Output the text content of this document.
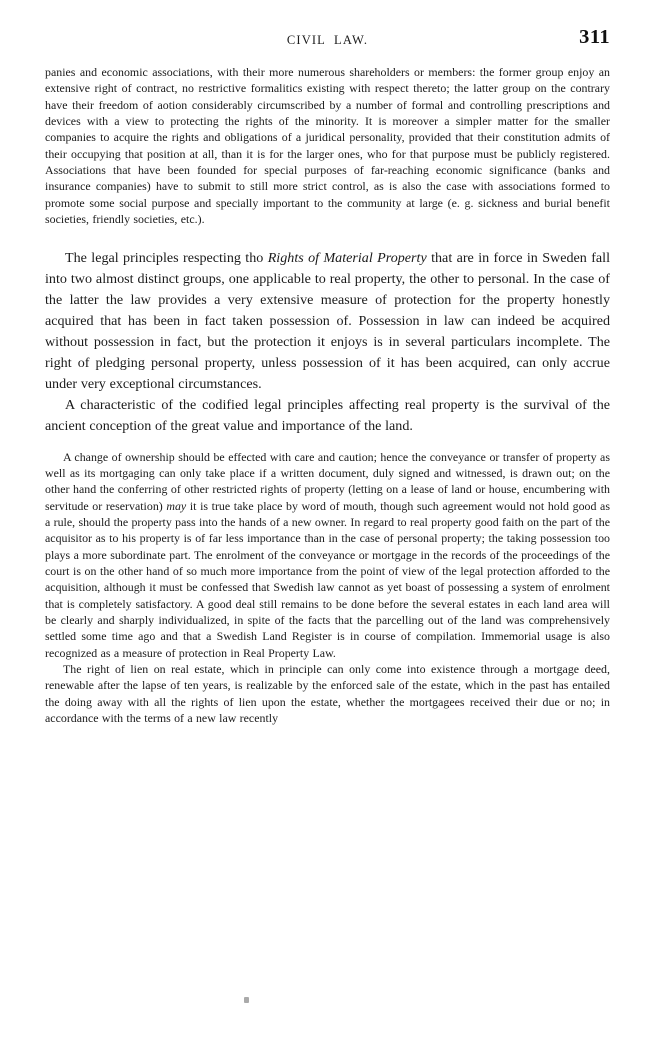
CIVIL  LAW.	311

panies and economic associations, with their more numerous shareholders or members: the former group enjoy an extensive right of contract, no restrictive formalitics existing with respect thereto; the latter group on the contrary have their freedom of aotion considerably circumscribed by a number of formal and controlling prescriptions and devices with a view to protecting the rights of the minority. It is moreover a simpler matter for the smaller companies to acquire the rights and obligations of a juridical personality, provided that their constitution admits of their occupying that position at all, than it is for the larger ones, who for that purpose must be publicly registered. Associations that have been founded for special purposes of far-reaching economic significance (banks and insurance companies) have to submit to still more strict control, as is also the case with associations formed to promote some social purpose and specially important to the community at large (e. g. sickness and burial benefit societies, friendly societies, etc.).

The legal principles respecting tho Rights of Material Property that are in force in Sweden fall into two almost distinct groups, one applicable to real property, the other to personal. In the case of the latter the law provides a very extensive measure of protection for the property honestly acquired that has been in fact taken possession of. Possession in law can indeed be acquired without possession in fact, but the protection it enjoys is in several particulars incomplete. The right of pledging personal property, unless possession of it has been acquired, can only accrue under very exceptional circumstances.

A characteristic of the codified legal principles affecting real property is the survival of the ancient conception of the great value and importance of the land.

A change of ownership should be effected with care and caution; hence the conveyance or transfer of property as well as its mortgaging can only take place if a written document, duly signed and witnessed, is drawn out; on the other hand the conferring of other restricted rights of property (letting on a lease of land or house, encumbering with servitude or reservation) may it is true take place by word of mouth, though such agreement would not hold good as a rule, should the property pass into the hands of a new owner. In regard to real property good faith on the part of the acquisitor as to his property is of far less importance than in the case of personal property; the taking possession too plays a more subordinate part. The enrolment of the conveyance or mortgage in the records of the proceedings of the court is on the other hand of so much more importance from the point of view of the legal protection afforded to the acquisition, although it must be confessed that Swedish law cannot as yet boast of possessing a system of enrolment that is completely satisfactory. A good deal still remains to be done before the several estates in each land area will be clearly and sharply individualized, in spite of the facts that the parcelling out of the land was comprehensively settled some time ago and that a Swedish Land Register is in course of compilation. Immemorial usage is also recognized as a measure of protection in Real Property Law.

The right of lien on real estate, which in principle can only come into existence through a mortgage deed, renewable after the lapse of ten years, is realizable by the enforced sale of the estate, which in the past has entailed the doing away with all the rights of lien upon the estate, whether the mortgagees received their due or no; in accordance with the terms of a new law recently
